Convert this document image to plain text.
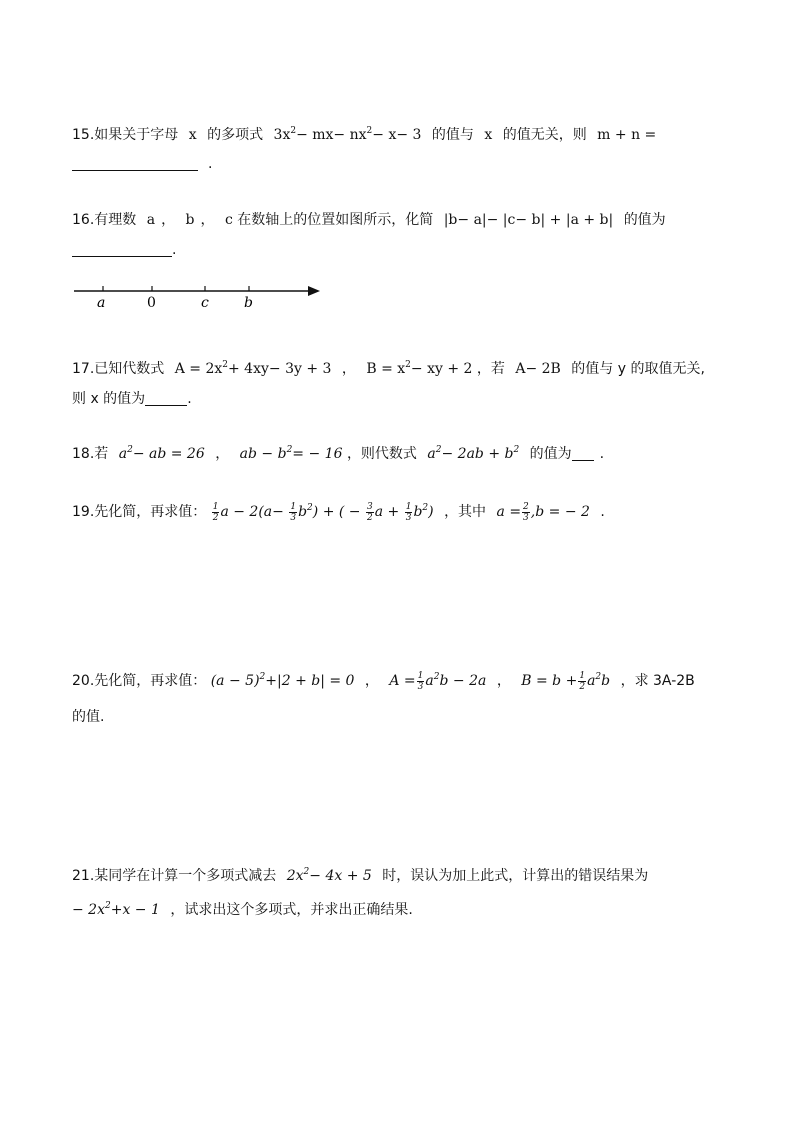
15.如果关于字母 x 的多项式 $3x^2- mx- nx^2- x- 3$ 的值与 x 的值无关，则 m + n =
.
16.有理数 a ， b ， c 在数轴上的位置如图所示，化简 |b− a|− |c− b| + |a + b| 的值为
.
a	0	c	b
17.已知代数式 $A = 2x^2+ 4xy- 3y + 3$ ， $B = x^2-$ xy + 2 ，若 A− 2B 的值与 y 的取值无关,
则 x 的值为	.
18.若 $a^2-$ ab = 26 ， ab − $b^2= - 16$ ，则代数式 $a^2- 2ab + b^2$ 的值为 .
19.先化简，再求值： $\frac{1}{2}$ $a - 2(a- \frac{1}{3} b^2)$ + ( − $\frac{3}{2}$ $a + \frac{1}{3} b^2$) ，其中 $a = \frac{2}{3} ,b$ = − 2 .
20.先化简，再求值： $(a - 5)^2+|2 + b| = 0$ ， $A = \frac{1}{3} a^2b - 2a$ ， $B = b + \frac{1}{2} a^2b$ ，求 3A-2B
的值.
21.某同学在计算一个多项式减去 $2x^2- 4x + 5$ 时，误认为加上此式，计算出的错误结果为
− $2x^2+x - 1$ ，试求出这个多项式，并求出正确结果.
